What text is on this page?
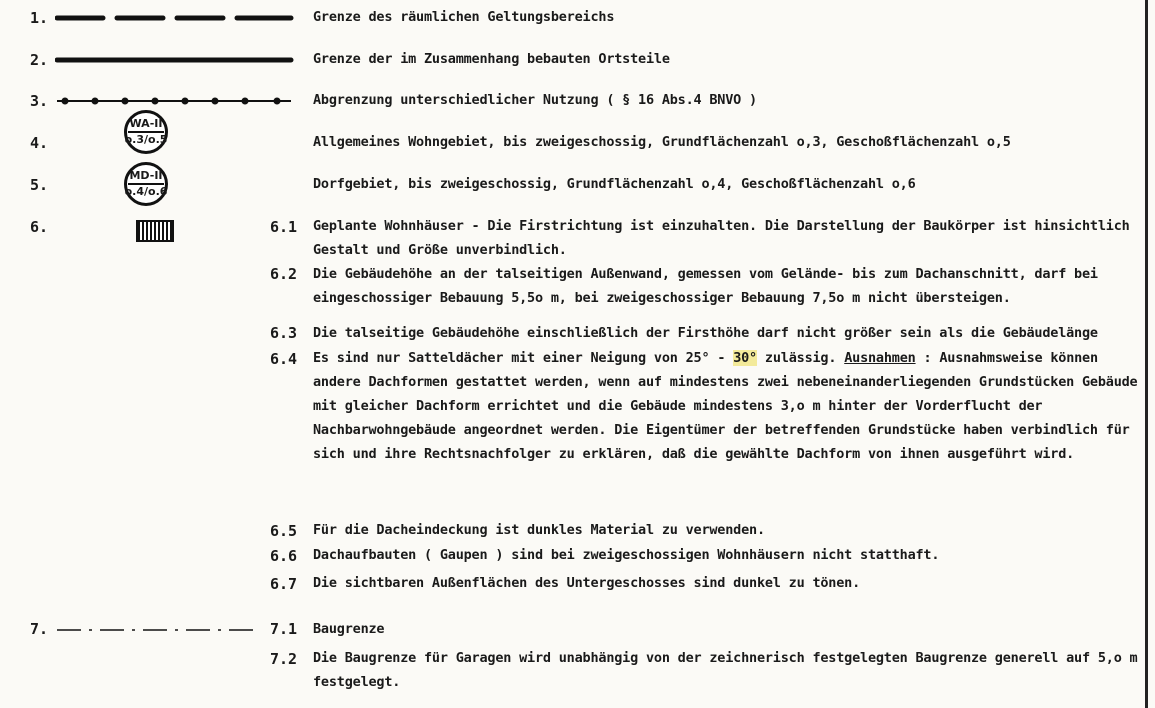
1.	Grenze des räumlichen Geltungsbereichs
2.	Grenze der im Zusammenhang bebauten Ortsteile
3.	Abgrenzung unterschiedlicher Nutzung ( § 16 Abs.4 BNVO )
4.
WA-II
o.3/o.5	Allgemeines Wohngebiet, bis zweigeschossig, Grundflächenzahl o,3, Geschoßflächenzahl o,5
5.
MD-II
o.4/o.6	Dorfgebiet, bis zweigeschossig, Grundflächenzahl o,4, Geschoßflächenzahl o,6
6.	6.1 Geplante Wohnhäuser - Die Firstrichtung ist einzuhalten. Die Darstellung der Baukörper ist hinsichtlich Gestalt und Größe unverbindlich.
6.2 Die Gebäudehöhe an der talseitigen Außenwand, gemessen vom Gelände- bis zum Dachanschnitt, darf bei eingeschossiger Bebauung 5,5o m, bei zweigeschossiger Bebauung 7,5o m nicht übersteigen.
6.3 Die talseitige Gebäudehöhe einschließlich der Firsthöhe darf nicht größer sein als die Gebäudelänge
6.4 Es sind nur Satteldächer mit einer Neigung von 25° - 30° zulässig. Ausnahmen : Ausnahmsweise können andere Dachformen gestattet werden, wenn auf mindestens zwei nebeneinanderliegenden Grundstücken Gebäude mit gleicher Dachform errichtet und die Gebäude mindestens 3,o m hinter der Vorderflucht der Nachbarwohngebäude angeordnet werden. Die Eigentümer der betreffenden Grundstücke haben verbindlich für sich und ihre Rechtsnachfolger zu erklären, daß die gewählte Dachform von ihnen ausgeführt wird.
6.5 Für die Dacheindeckung ist dunkles Material zu verwenden.
6.6 Dachaufbauten ( Gaupen ) sind bei zweigeschossigen Wohnhäusern nicht statthaft.
6.7 Die sichtbaren Außenflächen des Untergeschosses sind dunkel zu tönen.
7.	7.1 Baugrenze
7.2 Die Baugrenze für Garagen wird unabhängig von der zeichnerisch festgelegten Baugrenze generell auf 5,o m festgelegt.
